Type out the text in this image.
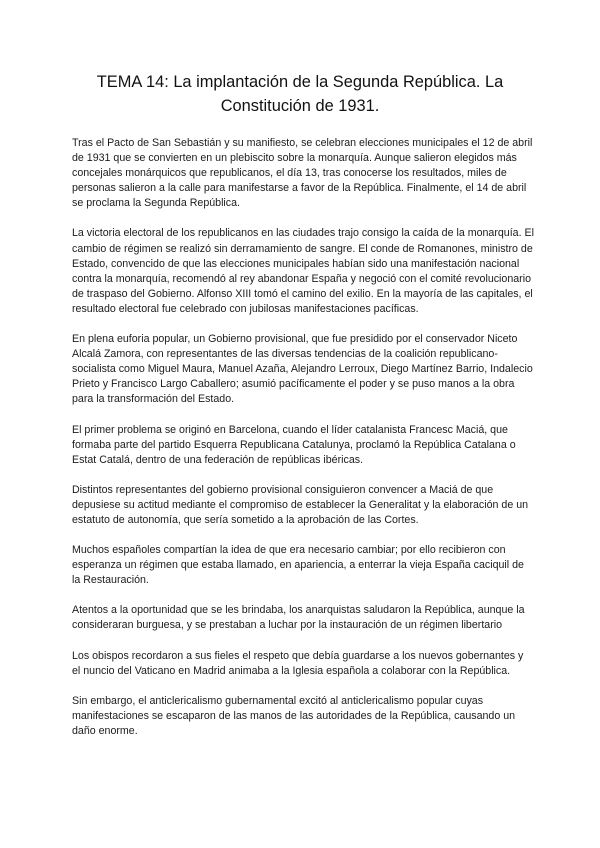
TEMA 14: La implantación de la Segunda República. La Constitución de 1931.

Tras el Pacto de San Sebastián y su manifiesto, se celebran elecciones municipales el 12 de abril de 1931 que se convierten en un plebiscito sobre la monarquía. Aunque salieron elegidos más concejales monárquicos que republicanos, el día 13, tras conocerse los resultados, miles de personas salieron a la calle para manifestarse a favor de la República. Finalmente, el 14 de abril se proclama la Segunda República.

La victoria electoral de los republicanos en las ciudades trajo consigo la caída de la monarquía. El cambio de régimen se realizó sin derramamiento de sangre. El conde de Romanones, ministro de Estado, convencido de que las elecciones municipales habían sido una manifestación nacional contra la monarquía, recomendó al rey abandonar España y negoció con el comité revolucionario de traspaso del Gobierno. Alfonso XIII tomó el camino del exilio. En la mayoría de las capitales, el resultado electoral fue celebrado con jubilosas manifestaciones pacíficas.

En plena euforia popular, un Gobierno provisional, que fue presidido por el conservador Niceto Alcalá Zamora, con representantes de las diversas tendencias de la coalición republicano-socialista como Miguel Maura, Manuel Azaña, Alejandro Lerroux, Diego Martínez Barrio, Indalecio Prieto y Francisco Largo Caballero; asumió pacíficamente el poder y se puso manos a la obra para la transformación del Estado.

El primer problema se originó en Barcelona, cuando el líder catalanista Francesc Maciá, que formaba parte del partido Esquerra Republicana Catalunya, proclamó la República Catalana o Estat Catalá, dentro de una federación de repúblicas ibéricas.

Distintos representantes del gobierno provisional consiguieron convencer a Maciá de que depusiese su actitud mediante el compromiso de establecer la Generalitat y la elaboración de un estatuto de autonomía, que sería sometido a la aprobación de las Cortes.

Muchos españoles compartían la idea de que era necesario cambiar; por ello recibieron con esperanza un régimen que estaba llamado, en apariencia, a enterrar la vieja España caciquil de la Restauración.

Atentos a la oportunidad que se les brindaba, los anarquistas saludaron la República, aunque la consideraran burguesa, y se prestaban a luchar por la instauración de un régimen libertario

Los obispos recordaron a sus fieles el respeto que debía guardarse a los nuevos gobernantes y el nuncio del Vaticano en Madrid animaba a la Iglesia española a colaborar con la República.

Sin embargo, el anticlericalismo gubernamental excitó al anticlericalismo popular cuyas manifestaciones se escaparon de las manos de las autoridades de la República, causando un daño enorme.
